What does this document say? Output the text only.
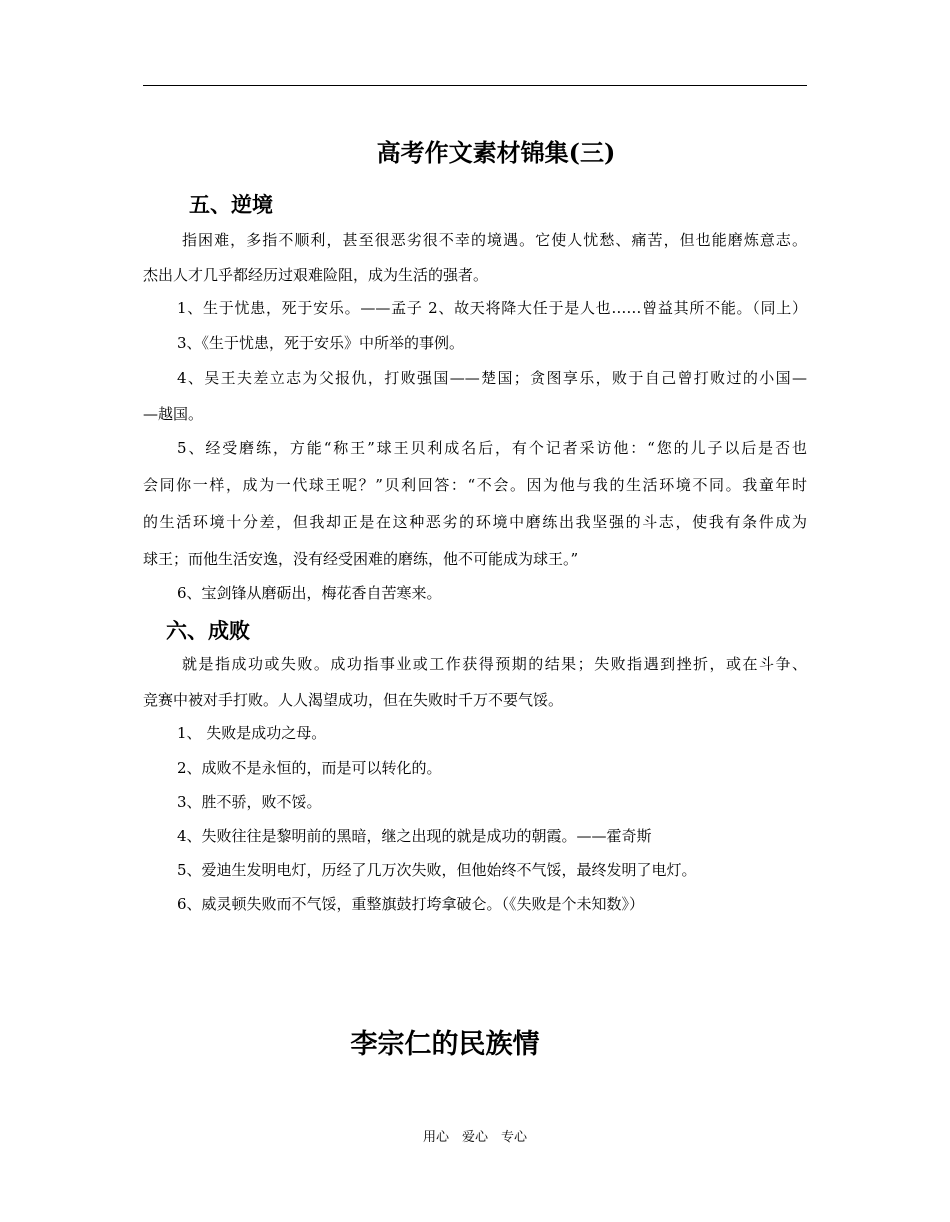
高考作文素材锦集(三)
五、逆境
指困难，多指不顺利，甚至很恶劣很不幸的境遇。它使人忧愁、痛苦，但也能磨炼意志。
杰出人才几乎都经历过艰难险阻，成为生活的强者。
1、生于忧患，死于安乐。——孟子 2、故天将降大任于是人也……曾益其所不能。（同上）
3、《生于忧患，死于安乐》中所举的事例。
4、吴王夫差立志为父报仇，打败强国——楚国；贪图享乐，败于自己曾打败过的小国—
—越国。
5、经受磨练，方能“称王”球王贝利成名后，有个记者采访他：“您的儿子以后是否也
会同你一样，成为一代球王呢？”贝利回答：“不会。因为他与我的生活环境不同。我童年时
的生活环境十分差，但我却正是在这种恶劣的环境中磨练出我坚强的斗志，使我有条件成为
球王；而他生活安逸，没有经受困难的磨练，他不可能成为球王。”
6、宝剑锋从磨砺出，梅花香自苦寒来。
六、成败
就是指成功或失败。成功指事业或工作获得预期的结果；失败指遇到挫折，或在斗争、
竞赛中被对手打败。人人渴望成功，但在失败时千万不要气馁。
1、 失败是成功之母。
2、成败不是永恒的，而是可以转化的。
3、胜不骄，败不馁。
4、失败往往是黎明前的黑暗，继之出现的就是成功的朝霞。——霍奇斯
5、爱迪生发明电灯，历经了几万次失败，但他始终不气馁，最终发明了电灯。
6、威灵顿失败而不气馁，重整旗鼓打垮拿破仑。（《失败是个未知数》）
李宗仁的民族情
用心　爱心　专心
